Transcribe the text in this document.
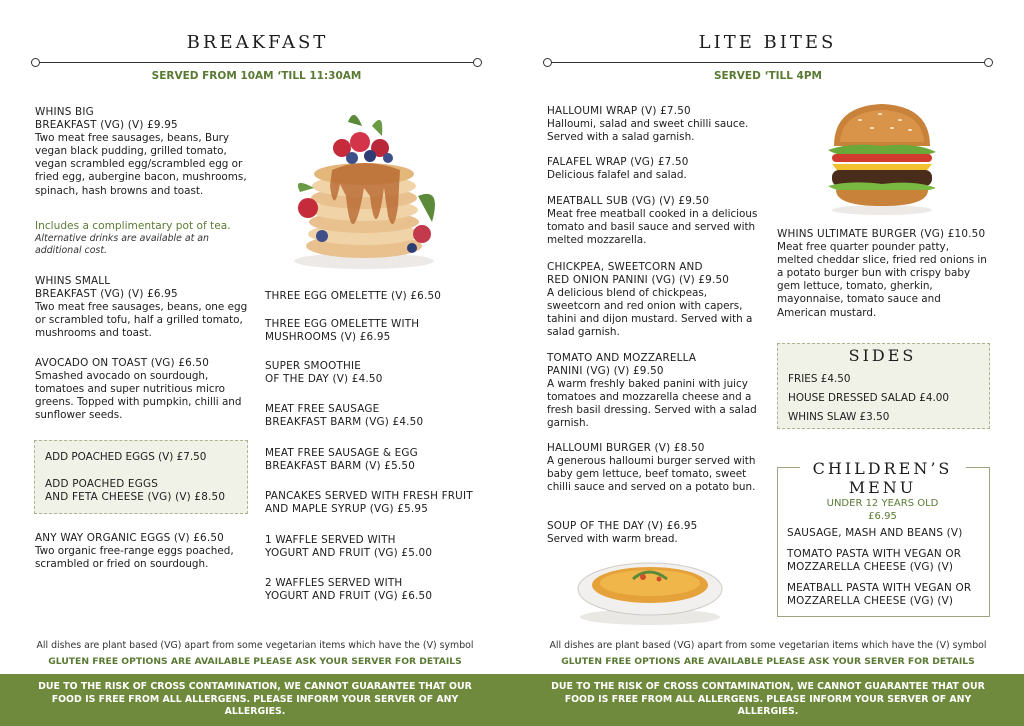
BREAKFAST
SERVED FROM 10AM ‘TILL 11:30AM
WHINS BIG
BREAKFAST (VG) (V) £9.95
Two meat free sausages, beans, Bury vegan black pudding, grilled tomato, vegan scrambled egg/scrambled egg or fried egg, aubergine bacon, mushrooms, spinach, hash browns and toast.
Includes a complimentary pot of tea.
Alternative drinks are available at an additional cost.
WHINS SMALL
BREAKFAST (VG) (V) £6.95
Two meat free sausages, beans, one egg or scrambled tofu, half a grilled tomato, mushrooms and toast.
AVOCADO ON TOAST (VG) £6.50
Smashed avocado on sourdough, tomatoes and super nutritious micro greens. Topped with pumpkin, chilli and sunflower seeds.
ADD POACHED EGGS (V) £7.50
ADD POACHED EGGS
AND FETA CHEESE (VG) (V) £8.50
ANY WAY ORGANIC EGGS (V) £6.50
Two organic free-range eggs poached, scrambled or fried on sourdough.
THREE EGG OMELETTE (V) £6.50
THREE EGG OMELETTE WITH
MUSHROOMS (V) £6.95
SUPER SMOOTHIE
OF THE DAY (V) £4.50
MEAT FREE SAUSAGE
BREAKFAST BARM (VG) £4.50
MEAT FREE SAUSAGE & EGG
BREAKFAST BARM (V) £5.50
PANCAKES SERVED WITH FRESH FRUIT
AND MAPLE SYRUP (VG) £5.95
1 WAFFLE SERVED WITH
YOGURT AND FRUIT (VG) £5.00
2 WAFFLES SERVED WITH
YOGURT AND FRUIT (VG) £6.50
All dishes are plant based (VG) apart from some vegetarian items which have the (V) symbol
GLUTEN FREE OPTIONS ARE AVAILABLE PLEASE ASK YOUR SERVER FOR DETAILS
LITE BITES
SERVED ‘TILL 4PM
HALLOUMI WRAP (V) £7.50
Halloumi, salad and sweet chilli sauce. Served with a salad garnish.
FALAFEL WRAP (VG) £7.50
Delicious falafel and salad.
MEATBALL SUB (VG) (V) £9.50
Meat free meatball cooked in a delicious tomato and basil sauce and served with melted mozzarella.
CHICKPEA, SWEETCORN AND
RED ONION PANINI (VG) (V) £9.50
A delicious blend of chickpeas, sweetcorn and red onion with capers, tahini and dijon mustard. Served with a salad garnish.
TOMATO AND MOZZARELLA
PANINI (VG) (V) £9.50
A warm freshly baked panini with juicy tomatoes and mozzarella cheese and a fresh basil dressing. Served with a salad garnish.
HALLOUMI BURGER (V) £8.50
A generous halloumi burger served with baby gem lettuce, beef tomato, sweet chilli sauce and served on a potato bun.
SOUP OF THE DAY (V) £6.95
Served with warm bread.
WHINS ULTIMATE BURGER (VG) £10.50
Meat free quarter pounder patty, melted cheddar slice, fried red onions in a potato burger bun with crispy baby gem lettuce, tomato, gherkin, mayonnaise, tomato sauce and American mustard.
SIDES
FRIES £4.50
HOUSE DRESSED SALAD £4.00
WHINS SLAW £3.50
CHILDREN’S
MENU
UNDER 12 YEARS OLD
£6.95
SAUSAGE, MASH AND BEANS (V)
TOMATO PASTA WITH VEGAN OR
MOZZARELLA CHEESE (VG) (V)
MEATBALL PASTA WITH VEGAN OR
MOZZARELLA CHEESE (VG) (V)
All dishes are plant based (VG) apart from some vegetarian items which have the (V) symbol
GLUTEN FREE OPTIONS ARE AVAILABLE PLEASE ASK YOUR SERVER FOR DETAILS
DUE TO THE RISK OF CROSS CONTAMINATION, WE CANNOT GUARANTEE THAT OUR
FOOD IS FREE FROM ALL ALLERGENS. PLEASE INFORM YOUR SERVER OF ANY ALLERGIES.
DUE TO THE RISK OF CROSS CONTAMINATION, WE CANNOT GUARANTEE THAT OUR
FOOD IS FREE FROM ALL ALLERGENS. PLEASE INFORM YOUR SERVER OF ANY ALLERGIES.
